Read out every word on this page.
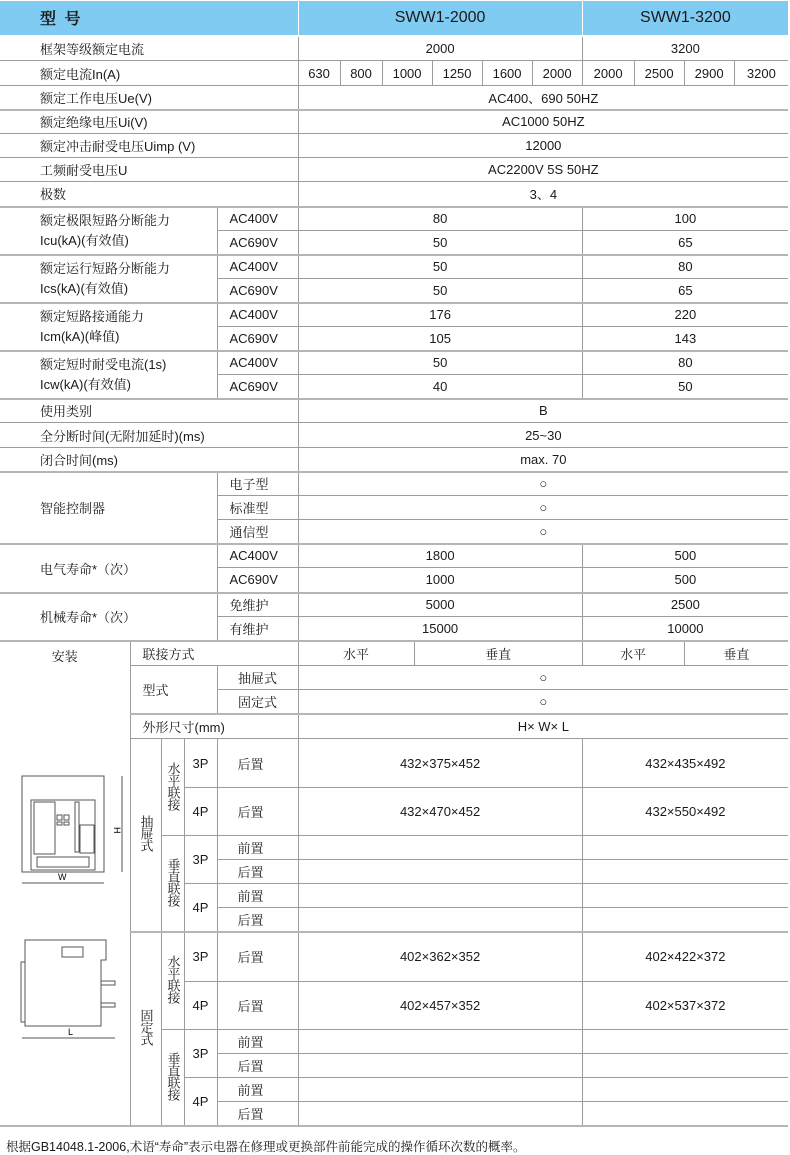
型 号					SWW1-2000							SWW1-3200			
框架等级额定电流					2000							3200			
额定电流In(A)					630	800	1000		1250	1600	2000	2000	2500	2900	3200
额定工作电压Ue(V)					AC400、690 50HZ										
额定绝缘电压Ui(V)					AC1000 50HZ										
额定冲击耐受电压Uimp (V)					12000										
工频耐受电压U					AC2200V 5S 50HZ										
极数					3、4										

额定极限短路分断能力
Icu(kA)(有效值)				AC400V	80							100			
				AC690V	50							65			

额定运行短路分断能力
Ics(kA)(有效值)				AC400V	50							80			
				AC690V	50							65			

额定短路接通能力
Icm(kA)(峰值)				AC400V	176							220			
				AC690V	105							143			

额定短时耐受电流(1s)
Icw(kA)(有效值)				AC400V	50							80			
				AC690V	40							50			
使用类别					B										
全分断时间(无附加延时)(ms)					25~30										
闭合时间(ms)					max. 70										
智能控制器				电子型	○										
				标准型	○										
				通信型	○										
电气寿命*（次）				AC400V	1800							500			
				AC690V	1000							500			
机械寿命*（次）				免维护	5000							2500			
				有维护	15000							10000			
安装	联接方式				水平			垂直				水平		垂直	
	型式			抽屉式	○										
				固定式	○										
	外形尺寸(mm)				H× W× L										
	抽屉式	水平联接	3P	后置	432×375×452							432×435×492			
			4P	后置	432×470×452							432×550×492			
		垂直联接	3P	前置											
				后置											
			4P	前置											
				后置											
	固定式	水平联接	3P	后置	402×362×352							402×422×372			
			4P	后置	402×457×352							402×537×372			
		垂直联接	3P	前置											
				后置											
			4P	前置											
				后置											
H
W
L
根据GB14048.1-2006,术语“寿命”表示电器在修理或更换部件前能完成的操作循环次数的概率。
